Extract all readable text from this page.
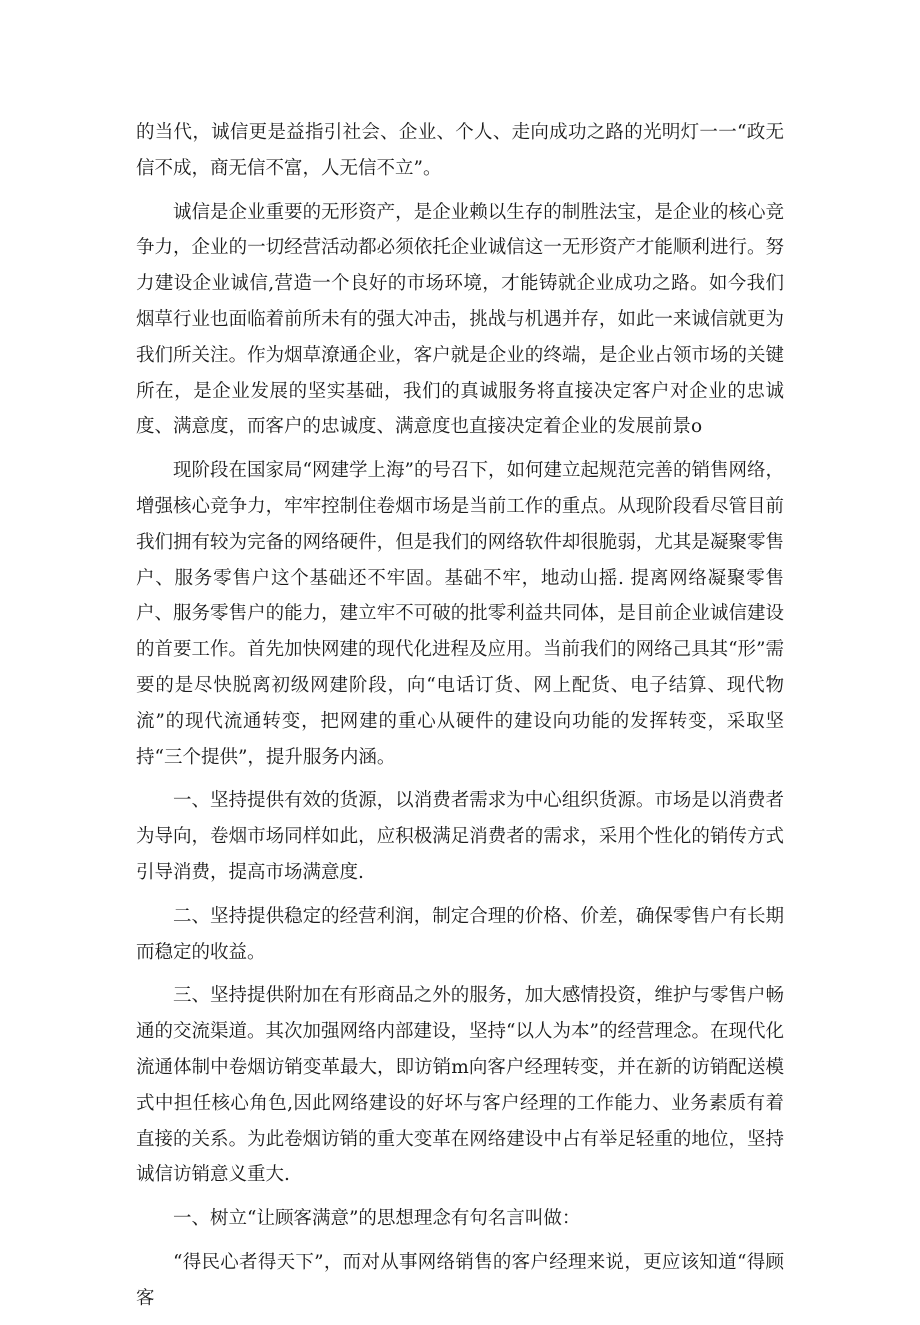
的当代，诚信更是益指引社会、企业、个人、走向成功之路的光明灯一一“政无信不成，商无信不富，人无信不立”。

诚信是企业重要的无形资产，是企业赖以生存的制胜法宝，是企业的核心竞争力，企业的一切经营活动都必须依托企业诚信这一无形资产才能顺利进行。努力建设企业诚信,营造一个良好的市场环境，才能铸就企业成功之路。如今我们烟草行业也面临着前所未有的强大冲击，挑战与机遇并存，如此一来诚信就更为我们所关注。作为烟草潦通企业，客户就是企业的终端，是企业占领市场的关键所在，是企业发展的坚实基础，我们的真诚服务将直接决定客户对企业的忠诚度、满意度，而客户的忠诚度、满意度也直接决定着企业的发展前景o

现阶段在国家局“网建学上海”的号召下，如何建立起规范完善的销售网络，增强核心竞争力，牢牢控制住卷烟市场是当前工作的重点。从现阶段看尽管目前我们拥有较为完备的网络硬件，但是我们的网络软件却很脆弱，尤其是凝聚零售户、服务零售户这个基础还不牢固。基础不牢，地动山摇. 提离网络凝聚零售户、服务零售户的能力，建立牢不可破的批零利益共同体，是目前企业诚信建设的首要工作。首先加快网建的现代化进程及应用。当前我们的网络己具其“形”需要的是尽快脱离初级网建阶段，向“电话订货、网上配货、电子结算、现代物流”的现代流通转变，把网建的重心从硬件的建设向功能的发挥转变，采取坚持“三个提供”，提升服务内涵。

一、坚持提供有效的货源，以消费者需求为中心组织货源。市场是以消费者为导向，卷烟市场同样如此，应积极满足消费者的需求，采用个性化的销传方式引导消费，提高市场满意度.

二、坚持提供稳定的经营利润，制定合理的价格、价差，确保零售户有长期而稳定的收益。

三、坚持提供附加在有形商品之外的服务，加大感情投资，维护与零售户畅通的交流渠道。其次加强网络内部建设，坚持“以人为本”的经营理念。在现代化流通体制中卷烟访销变革最大，即访销m向客户经理转变，并在新的访销配送模式中担任核心角色,因此网络建设的好坏与客户经理的工作能力、业务素质有着直接的关系。为此卷烟访销的重大变革在网络建设中占有举足轻重的地位，坚持诚信访销意义重大.

一、树立“让顾客满意”的思想理念有句名言叫做：

“得民心者得天下”，而对从事网络销售的客户经理来说，更应该知道“得顾客
